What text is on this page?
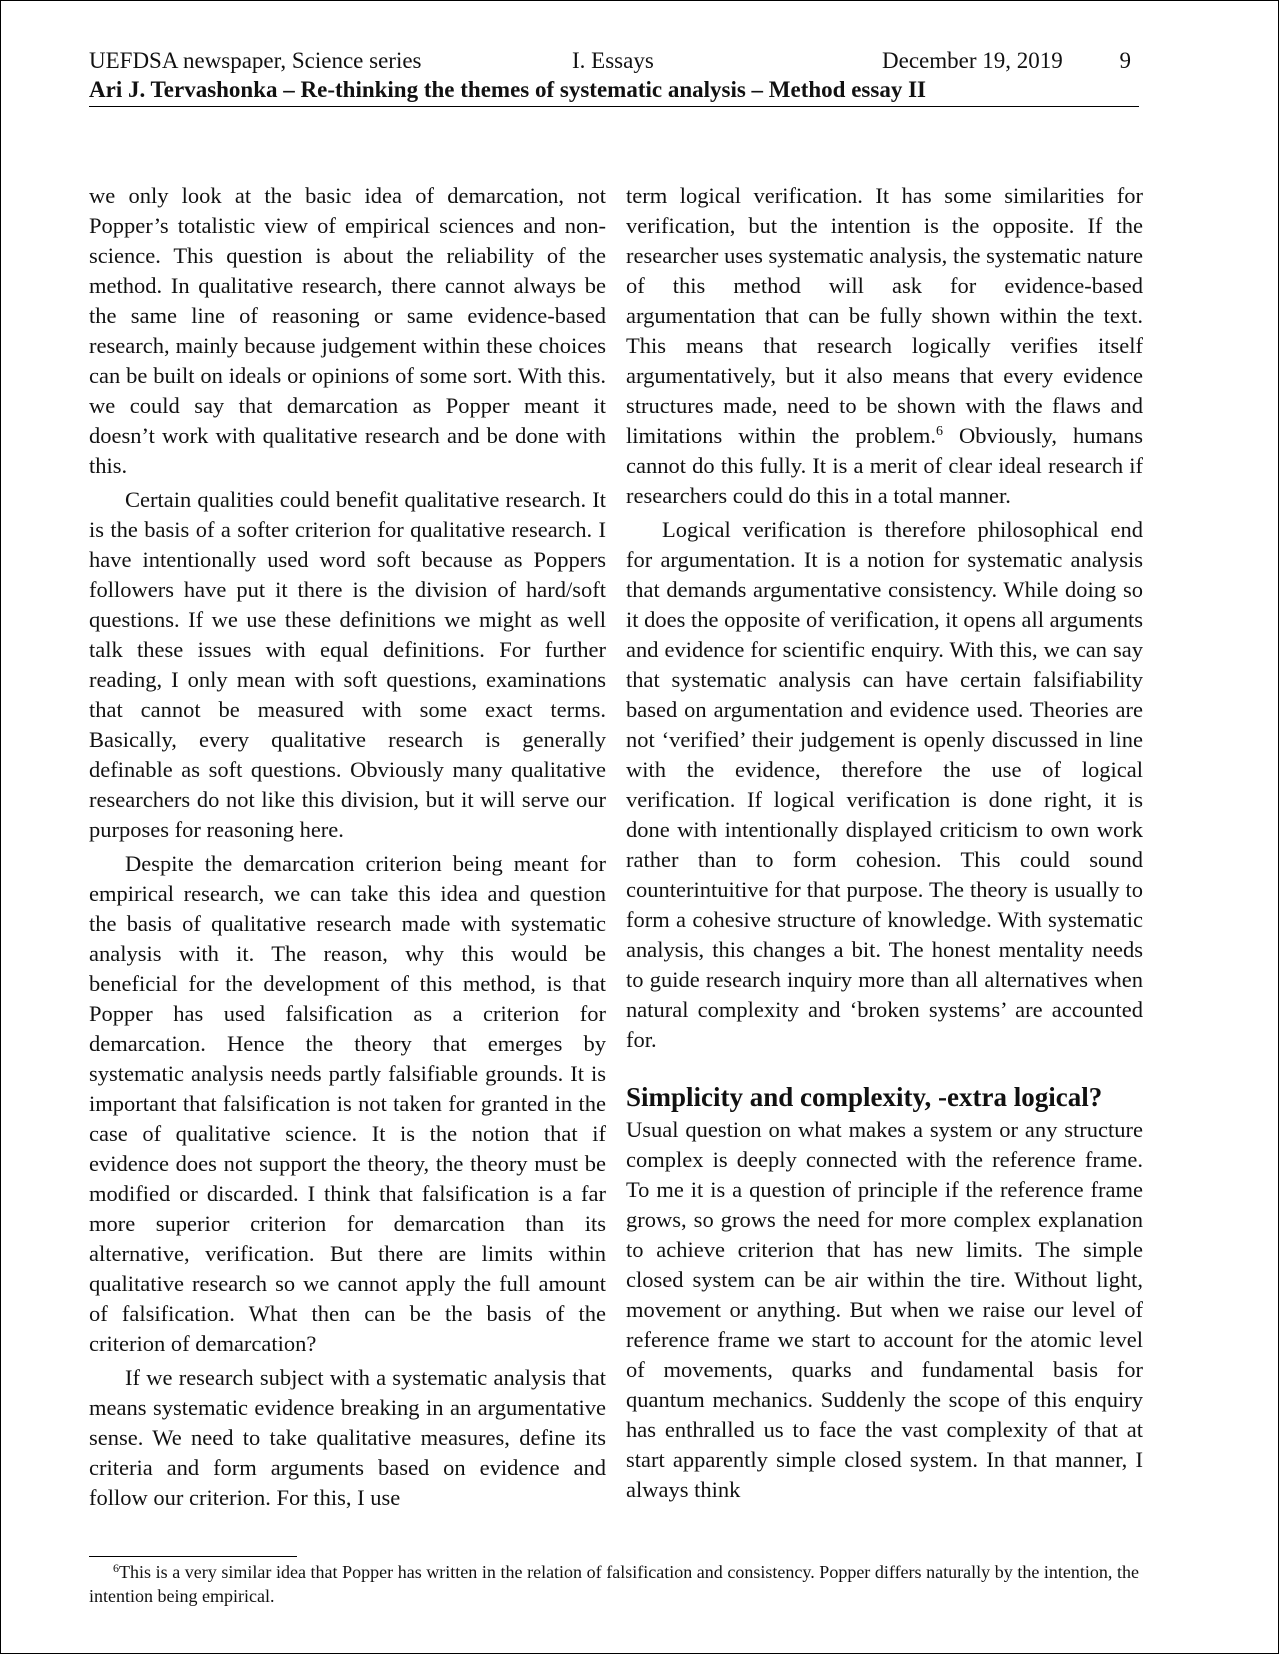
UEFDSA newspaper, Science series	I. Essays	December 19, 2019 9
Ari J. Tervashonka – Re-thinking the themes of systematic analysis – Method essay II

we only look at the basic idea of demarcation, not Popper’s totalistic view of empirical sciences and non-science. This question is about the reliability of the method. In qualitative research, there cannot always be the same line of reasoning or same evidence-based research, mainly because judgement within these choices can be built on ideals or opinions of some sort. With this. we could say that demarcation as Popper meant it doesn’t work with qualitative research and be done with this.

Certain qualities could benefit qualitative research. It is the basis of a softer criterion for qualitative research. I have intentionally used word soft because as Poppers followers have put it there is the division of hard/soft questions. If we use these definitions we might as well talk these issues with equal definitions. For further reading, I only mean with soft questions, examinations that cannot be measured with some exact terms. Basically, every qualitative research is generally definable as soft questions. Obviously many qualitative researchers do not like this division, but it will serve our purposes for reasoning here.

Despite the demarcation criterion being meant for empirical research, we can take this idea and question the basis of qualitative research made with systematic analysis with it. The reason, why this would be beneficial for the development of this method, is that Popper has used falsification as a criterion for demarcation. Hence the theory that emerges by systematic analysis needs partly falsifiable grounds. It is important that falsification is not taken for granted in the case of qualitative science. It is the notion that if evidence does not support the theory, the theory must be modified or discarded. I think that falsification is a far more superior criterion for demarcation than its alternative, verification. But there are limits within qualitative research so we cannot apply the full amount of falsification. What then can be the basis of the criterion of demarcation?

If we research subject with a systematic analysis that means systematic evidence breaking in an argumentative sense. We need to take qualitative measures, define its criteria and form arguments based on evidence and follow our criterion. For this, I use

term logical verification. It has some similarities for verification, but the intention is the opposite. If the researcher uses systematic analysis, the systematic nature of this method will ask for evidence-based argumentation that can be fully shown within the text. This means that research logically verifies itself argumentatively, but it also means that every evidence structures made, need to be shown with the flaws and limitations within the problem.$^6$ Obviously, humans cannot do this fully. It is a merit of clear ideal research if researchers could do this in a total manner.

Logical verification is therefore philosophical end for argumentation. It is a notion for systematic analysis that demands argumentative consistency. While doing so it does the opposite of verification, it opens all arguments and evidence for scientific enquiry. With this, we can say that systematic analysis can have certain falsifiability based on argumentation and evidence used. Theories are not ‘verified’ their judgement is openly discussed in line with the evidence, therefore the use of logical verification. If logical verification is done right, it is done with intentionally displayed criticism to own work rather than to form cohesion. This could sound counterintuitive for that purpose. The theory is usually to form a cohesive structure of knowledge. With systematic analysis, this changes a bit. The honest mentality needs to guide research inquiry more than all alternatives when natural complexity and ‘broken systems’ are accounted for.

Simplicity and complexity, -extra logical?

Usual question on what makes a system or any structure complex is deeply connected with the reference frame. To me it is a question of principle if the reference frame grows, so grows the need for more complex explanation to achieve criterion that has new limits. The simple closed system can be air within the tire. Without light, movement or anything. But when we raise our level of reference frame we start to account for the atomic level of movements, quarks and fundamental basis for quantum mechanics. Suddenly the scope of this enquiry has enthralled us to face the vast complexity of that at start apparently simple closed system. In that manner, I always think

$^6$This is a very similar idea that Popper has written in the relation of falsification and consistency. Popper differs naturally by the intention, the intention being empirical.
